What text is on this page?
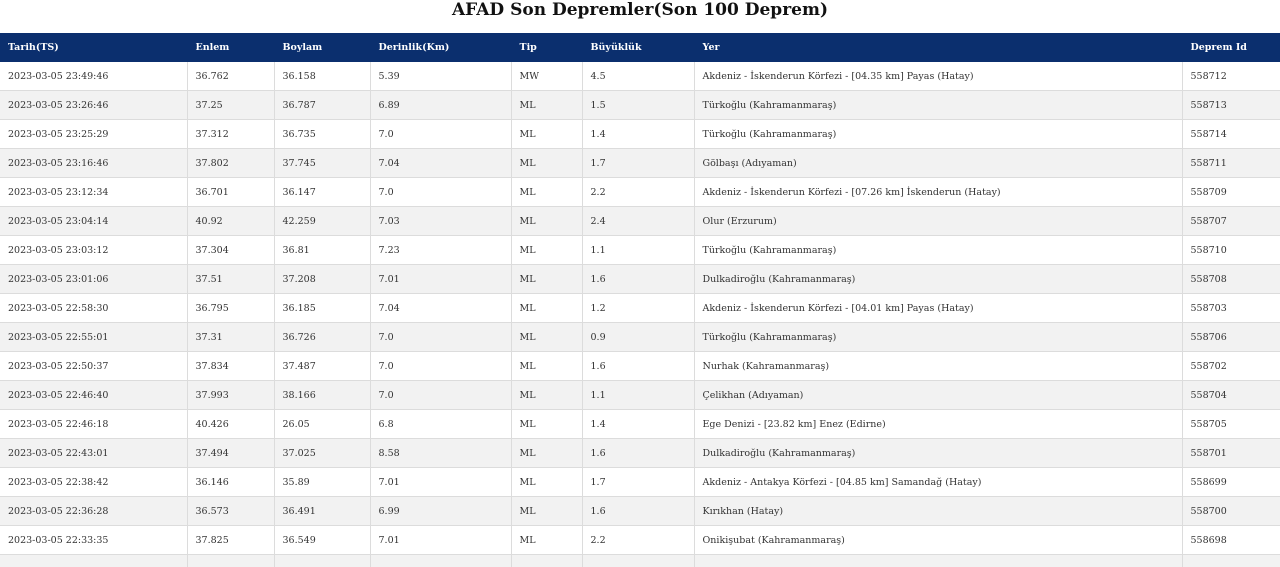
AFAD Son Depremler(Son 100 Deprem)
Tarih(TS)	Enlem	Boylam	Derinlik(Km)	Tip	Büyüklük	Yer	Deprem Id
2023-03-05 23:49:46	36.762	36.158	5.39	MW	4.5	Akdeniz - İskenderun Körfezi - [04.35 km] Payas (Hatay)	558712
2023-03-05 23:26:46	37.25	36.787	6.89	ML	1.5	Türkoğlu (Kahramanmaraş)	558713
2023-03-05 23:25:29	37.312	36.735	7.0	ML	1.4	Türkoğlu (Kahramanmaraş)	558714
2023-03-05 23:16:46	37.802	37.745	7.04	ML	1.7	Gölbaşı (Adıyaman)	558711
2023-03-05 23:12:34	36.701	36.147	7.0	ML	2.2	Akdeniz - İskenderun Körfezi - [07.26 km] İskenderun (Hatay)	558709
2023-03-05 23:04:14	40.92	42.259	7.03	ML	2.4	Olur (Erzurum)	558707
2023-03-05 23:03:12	37.304	36.81	7.23	ML	1.1	Türkoğlu (Kahramanmaraş)	558710
2023-03-05 23:01:06	37.51	37.208	7.01	ML	1.6	Dulkadiroğlu (Kahramanmaraş)	558708
2023-03-05 22:58:30	36.795	36.185	7.04	ML	1.2	Akdeniz - İskenderun Körfezi - [04.01 km] Payas (Hatay)	558703
2023-03-05 22:55:01	37.31	36.726	7.0	ML	0.9	Türkoğlu (Kahramanmaraş)	558706
2023-03-05 22:50:37	37.834	37.487	7.0	ML	1.6	Nurhak (Kahramanmaraş)	558702
2023-03-05 22:46:40	37.993	38.166	7.0	ML	1.1	Çelikhan (Adıyaman)	558704
2023-03-05 22:46:18	40.426	26.05	6.8	ML	1.4	Ege Denizi - [23.82 km] Enez (Edirne)	558705
2023-03-05 22:43:01	37.494	37.025	8.58	ML	1.6	Dulkadiroğlu (Kahramanmaraş)	558701
2023-03-05 22:38:42	36.146	35.89	7.01	ML	1.7	Akdeniz - Antakya Körfezi - [04.85 km] Samandağ (Hatay)	558699
2023-03-05 22:36:28	36.573	36.491	6.99	ML	1.6	Kırıkhan (Hatay)	558700
2023-03-05 22:33:35	37.825	36.549	7.01	ML	2.2	Onikişubat (Kahramanmaraş)	558698
